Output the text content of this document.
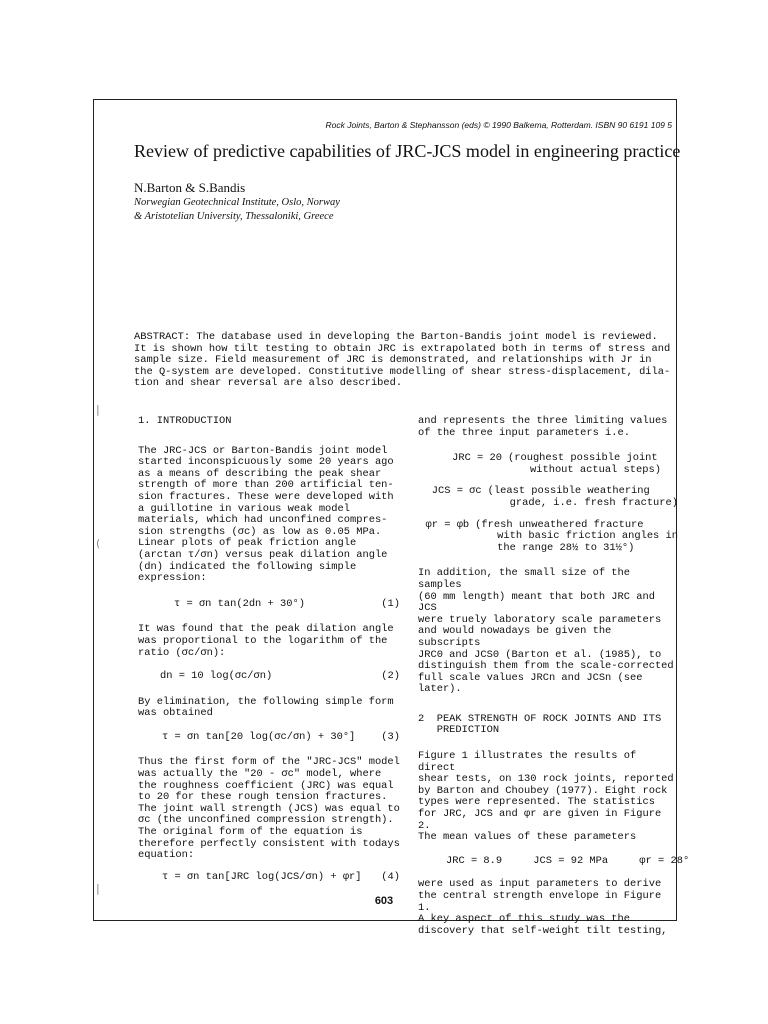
|
(
|
Rock Joints, Barton & Stephansson (eds) © 1990 Balkema, Rotterdam. ISBN 90 6191 109 5
Review of predictive capabilities of JRC-JCS model in engineering practice
N.Barton & S.Bandis
Norwegian Geotechnical Institute, Oslo, Norway
& Aristotelian University, Thessaloniki, Greece
ABSTRACT: The database used in developing the Barton-Bandis joint model is reviewed.
It is shown how tilt testing to obtain JRC is extrapolated both in terms of stress and
sample size. Field measurement of JRC is demonstrated, and relationships with Jr in
the Q-system are developed. Constitutive modelling of shear stress-displacement, dila-
tion and shear reversal are also described.
1. INTRODUCTION
The JRC-JCS or Barton-Bandis joint model
started inconspicuously some 20 years ago
as a means of describing the peak shear
strength of more than 200 artificial ten-
sion fractures. These were developed with
a guillotine in various weak model
materials, which had unconfined compres-
sion strengths (σc) as low as 0.05 MPa.
Linear plots of peak friction angle
(arctan τ/σn) versus peak dilation angle
(dn) indicated the following simple
expression:
τ = σn tan(2dn + 30°)	(1)
It was found that the peak dilation angle
was proportional to the logarithm of the
ratio (σc/σn):
dn = 10 log(σc/σn)	(2)
By elimination, the following simple form
was obtained
τ = σn tan[20 log(σc/σn) + 30°] (3)
Thus the first form of the "JRC-JCS" model
was actually the "20 - σc" model, where
the roughness coefficient (JRC) was equal
to 20 for these rough tension fractures.
The joint wall strength (JCS) was equal to
σc (the unconfined compression strength).
The original form of the equation is
therefore perfectly consistent with todays
equation:
τ = σn tan[JRC log(JCS/σn) + φr] (4)
and represents the three limiting values
of the three input parameters i.e.
JRC = 20 (roughest possible joint
without actual steps)
JCS = σc (least possible weathering
grade, i.e. fresh fracture)
φr = φb (fresh unweathered fracture
with basic friction angles in
the range 28½ to 31½°)
In addition, the small size of the samples
(60 mm length) meant that both JRC and JCS
were truely laboratory scale parameters
and would nowadays be given the subscripts
JRC0 and JCS0 (Barton et al. (1985), to
distinguish them from the scale-corrected
full scale values JRCn and JCSn (see
later).
2  PEAK STRENGTH OF ROCK JOINTS AND ITS
PREDICTION
Figure 1 illustrates the results of direct
shear tests, on 130 rock joints, reported
by Barton and Choubey (1977). Eight rock
types were represented. The statistics
for JRC, JCS and φr are given in Figure 2.
The mean values of these parameters
JRC = 8.9     JCS = 92 MPa     φr = 28°
were used as input parameters to derive
the central strength envelope in Figure 1.
A key aspect of this study was the
discovery that self-weight tilt testing,
603
